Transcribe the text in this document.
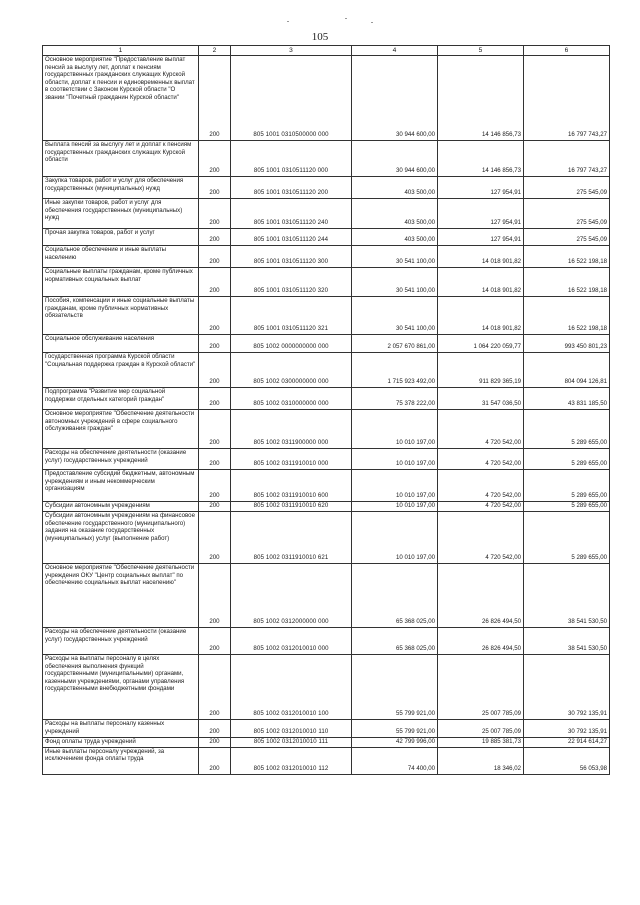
105
1	2	3	4	5	6
Основное мероприятие "Предоставление выплат пенсий за выслугу лет, доплат к пенсиям государственных гражданских служащих Курской области, доплат к пенсии и единовременных выплат в соответствии с Законом Курской области "О звании "Почетный гражданин Курской области"	200	805 1001 0310500000 000	30 944 600,00	14 146 856,73	16 797 743,27
Выплата пенсий за выслугу лет и доплат к пенсиям государственных гражданских служащих Курской области	200	805 1001 0310511120 000	30 944 600,00	14 146 856,73	16 797 743,27
Закупка товаров, работ и услуг для обеспечения государственных (муниципальных) нужд	200	805 1001 0310511120 200	403 500,00	127 954,91	275 545,09
Иные закупки товаров, работ и услуг для обеспечения государственных (муниципальных) нужд	200	805 1001 0310511120 240	403 500,00	127 954,91	275 545,09
Прочая закупка товаров, работ и услуг	200	805 1001 0310511120 244	403 500,00	127 954,91	275 545,09
Социальное обеспечение и иные выплаты населению	200	805 1001 0310511120 300	30 541 100,00	14 018 901,82	16 522 198,18
Социальные выплаты гражданам, кроме публичных нормативных социальных выплат	200	805 1001 0310511120 320	30 541 100,00	14 018 901,82	16 522 198,18
Пособия, компенсации и иные социальные выплаты гражданам, кроме публичных нормативных обязательств	200	805 1001 0310511120 321	30 541 100,00	14 018 901,82	16 522 198,18
Социальное обслуживание населения	200	805 1002 0000000000 000	2 057 670 861,00	1 064 220 059,77	993 450 801,23
Государственная программа Курской области "Социальная поддержка граждан в Курской области"	200	805 1002 0300000000 000	1 715 923 492,00	911 829 365,19	804 094 126,81
Подпрограмма "Развитие мер социальной поддержки отдельных категорий граждан"	200	805 1002 0310000000 000	75 378 222,00	31 547 036,50	43 831 185,50
Основное мероприятие "Обеспечение деятельности автономных учреждений в сфере социального обслуживания граждан"	200	805 1002 0311900000 000	10 010 197,00	4 720 542,00	5 289 655,00
Расходы на обеспечение деятельности (оказание услуг) государственных учреждений	200	805 1002 0311910010 000	10 010 197,00	4 720 542,00	5 289 655,00
Предоставление субсидий бюджетным, автономным учреждениям и иным некоммерческим организациям	200	805 1002 0311910010 600	10 010 197,00	4 720 542,00	5 289 655,00
Субсидии автономным учреждениям	200	805 1002 0311910010 620	10 010 197,00	4 720 542,00	5 289 655,00
Субсидии автономным учреждениям на финансовое обеспечение государственного (муниципального) задания на оказание государственных (муниципальных) услуг (выполнение работ)	200	805 1002 0311910010 621	10 010 197,00	4 720 542,00	5 289 655,00
Основное мероприятие "Обеспечение деятельности учреждения ОКУ "Центр социальных выплат" по обеспечению социальных выплат населению"	200	805 1002 0312000000 000	65 368 025,00	26 826 494,50	38 541 530,50
Расходы на обеспечение деятельности (оказание услуг) государственных учреждений	200	805 1002 0312010010 000	65 368 025,00	26 826 494,50	38 541 530,50
Расходы на выплаты персоналу в целях обеспечения выполнения функций государственными (муниципальными) органами, казенными учреждениями, органами управления государственными внебюджетными фондами	200	805 1002 0312010010 100	55 799 921,00	25 007 785,09	30 792 135,91
Расходы на выплаты персоналу казенных учреждений	200	805 1002 0312010010 110	55 799 921,00	25 007 785,09	30 792 135,91
Фонд оплаты труда учреждений	200	805 1002 0312010010 111	42 799 996,00	19 885 381,73	22 914 614,27
Иные выплаты персоналу учреждений, за исключением фонда оплаты труда	200	805 1002 0312010010 112	74 400,00	18 346,02	56 053,98
